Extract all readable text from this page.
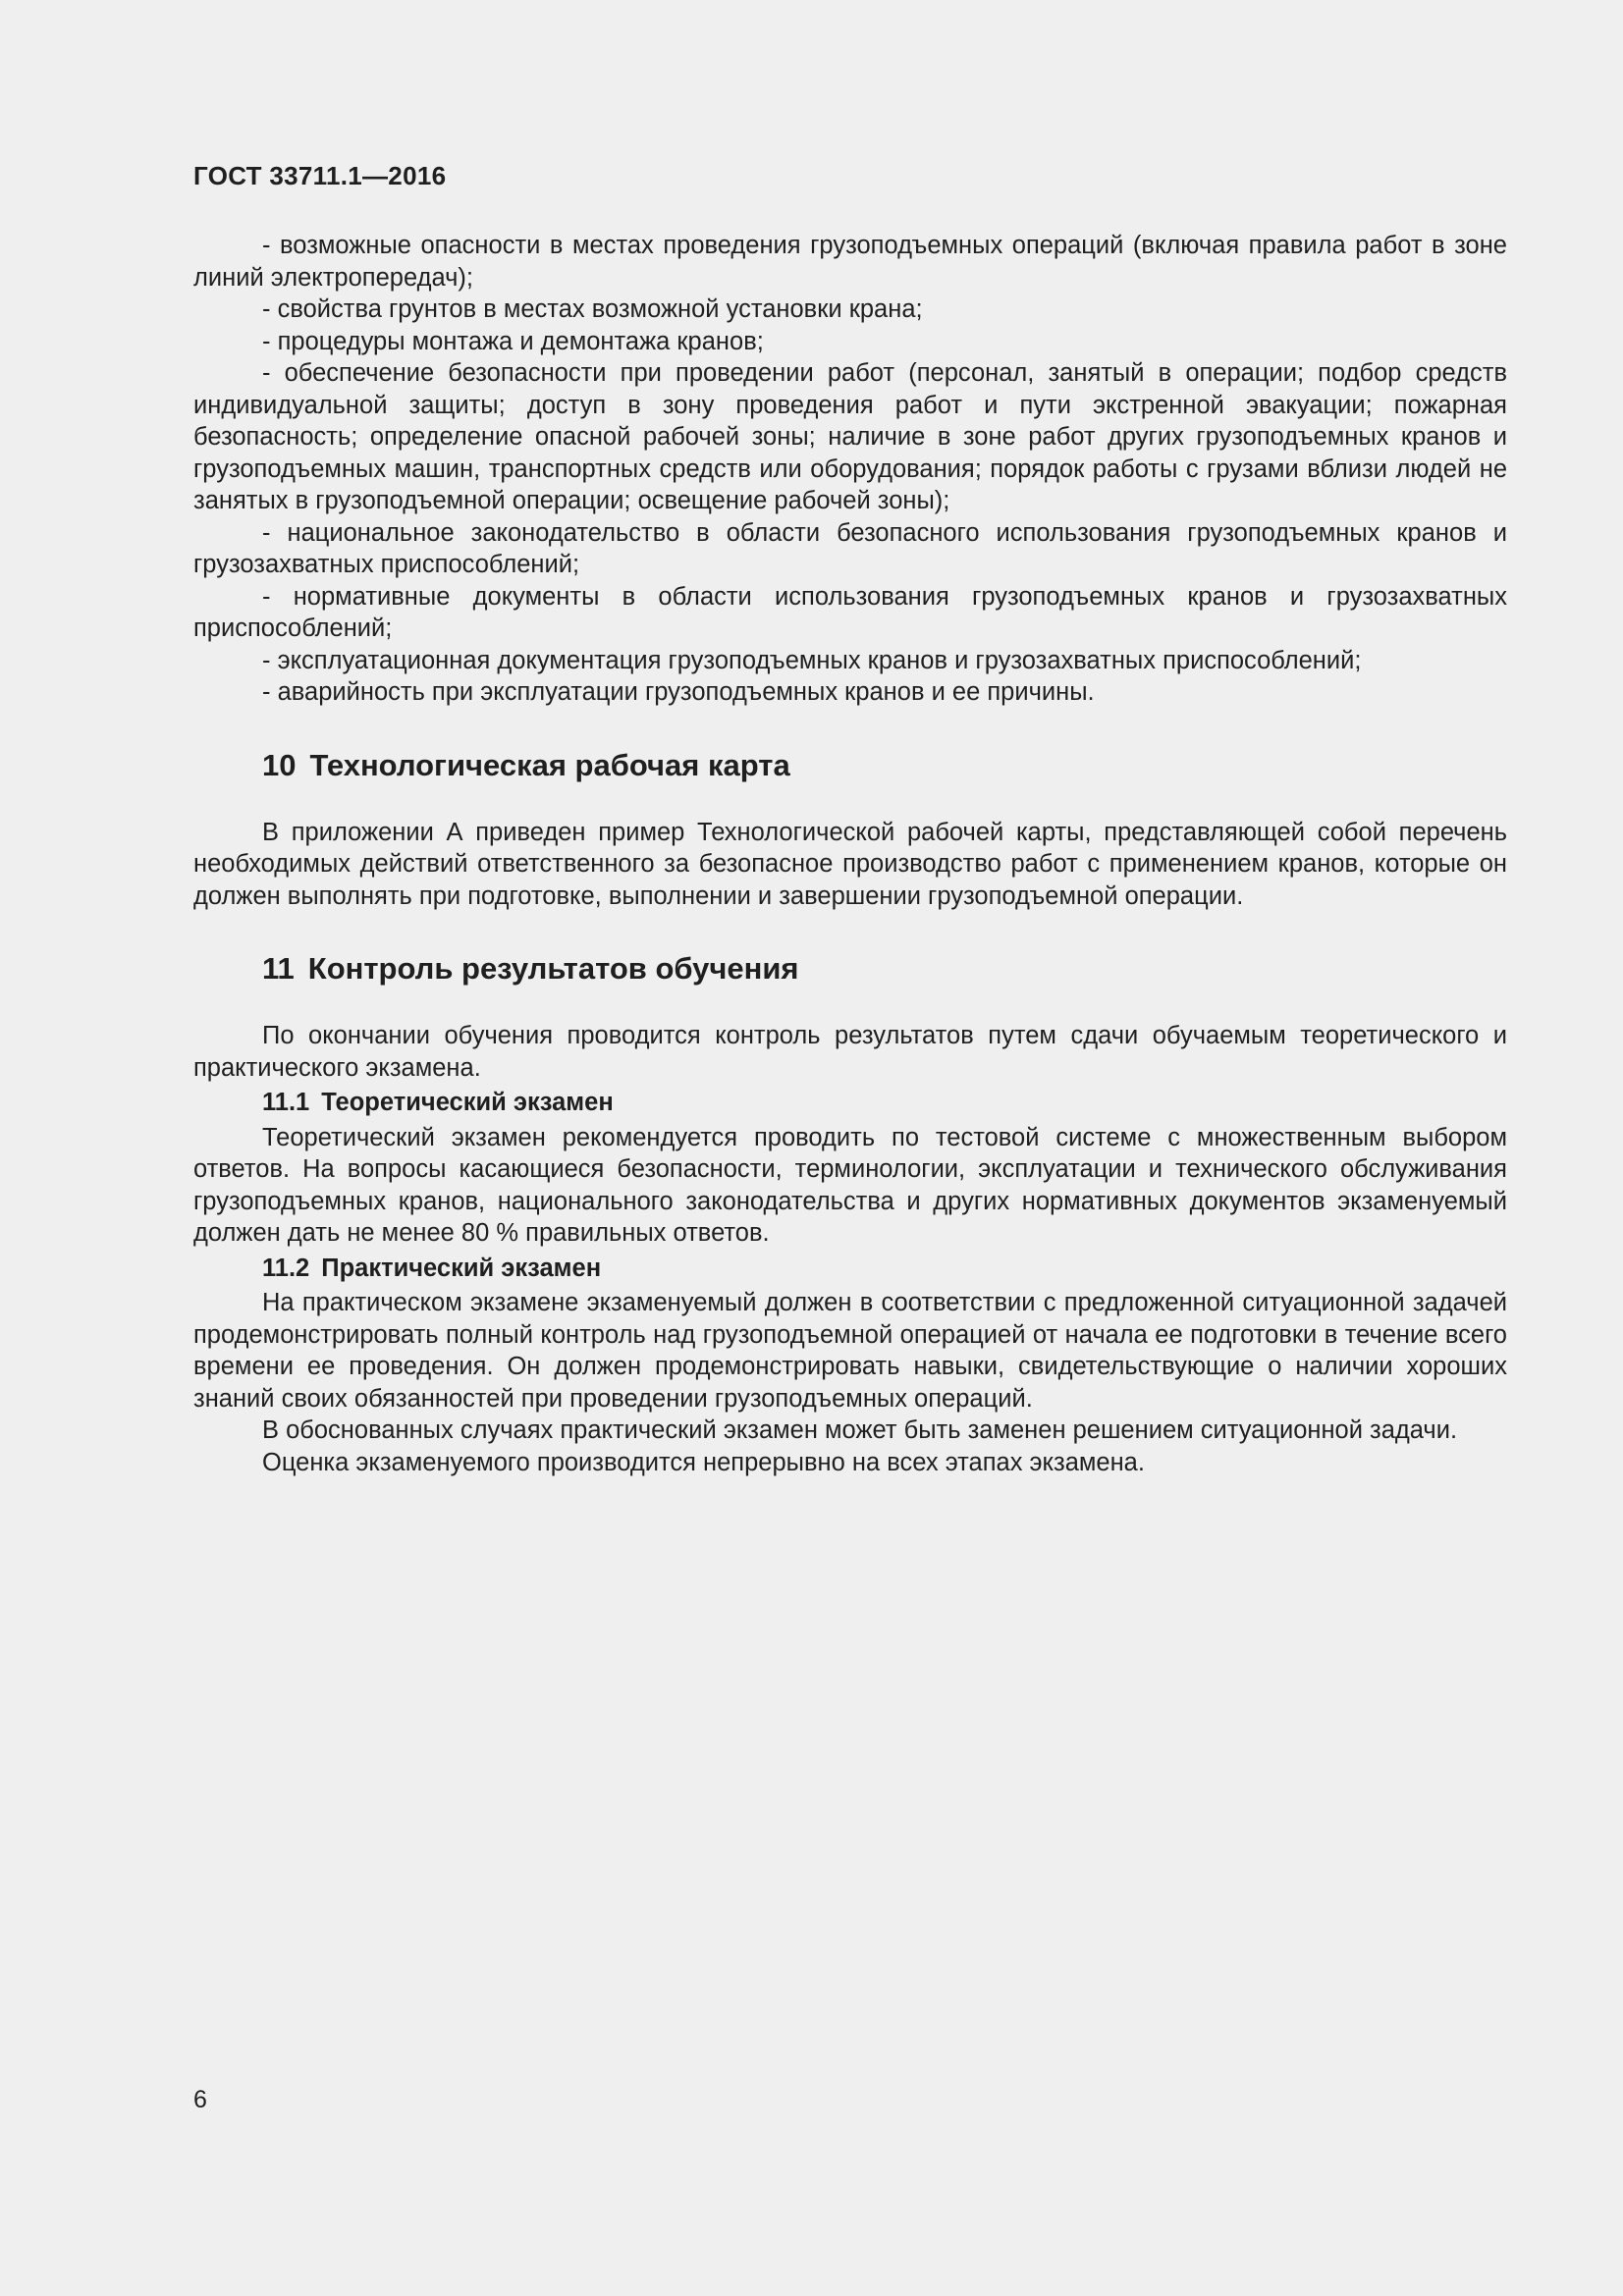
ГОСТ 33711.1—2016

- возможные опасности в местах проведения грузоподъемных операций (включая правила работ в зоне линий электропередач);

- свойства грунтов в местах возможной установки крана;

- процедуры монтажа и демонтажа кранов;

- обеспечение безопасности при проведении работ (персонал, занятый в операции; подбор средств индивидуальной защиты; доступ в зону проведения работ и пути экстренной эвакуации; пожарная безопасность; определение опасной рабочей зоны; наличие в зоне работ других грузоподъемных кранов и грузоподъемных машин, транспортных средств или оборудования; порядок работы с грузами вблизи людей не занятых в грузоподъемной операции; освещение рабочей зоны);

- национальное законодательство в области безопасного использования грузоподъемных кранов и грузозахватных приспособлений;

- нормативные документы в области использования грузоподъемных кранов и грузозахватных приспособлений;

- эксплуатационная документация грузоподъемных кранов и грузозахватных приспособлений;

- аварийность при эксплуатации грузоподъемных кранов и ее причины.

10 Технологическая рабочая карта

В приложении А приведен пример Технологической рабочей карты, представляющей собой перечень необходимых действий ответственного за безопасное производство работ с применением кранов, которые он должен выполнять при подготовке, выполнении и завершении грузоподъемной операции.

11 Контроль результатов обучения

По окончании обучения проводится контроль результатов путем сдачи обучаемым теоретического и практического экзамена.

11.1 Теоретический экзамен

Теоретический экзамен рекомендуется проводить по тестовой системе с множественным выбором ответов. На вопросы касающиеся безопасности, терминологии, эксплуатации и технического обслуживания грузоподъемных кранов, национального законодательства и других нормативных документов экзаменуемый должен дать не менее 80 % правильных ответов.

11.2 Практический экзамен

На практическом экзамене экзаменуемый должен в соответствии с предложенной ситуационной задачей продемонстрировать полный контроль над грузоподъемной операцией от начала ее подготовки в течение всего времени ее проведения. Он должен продемонстрировать навыки, свидетельствующие о наличии хороших знаний своих обязанностей при проведении грузоподъемных операций.

В обоснованных случаях практический экзамен может быть заменен решением ситуационной задачи.

Оценка экзаменуемого производится непрерывно на всех этапах экзамена.

6
